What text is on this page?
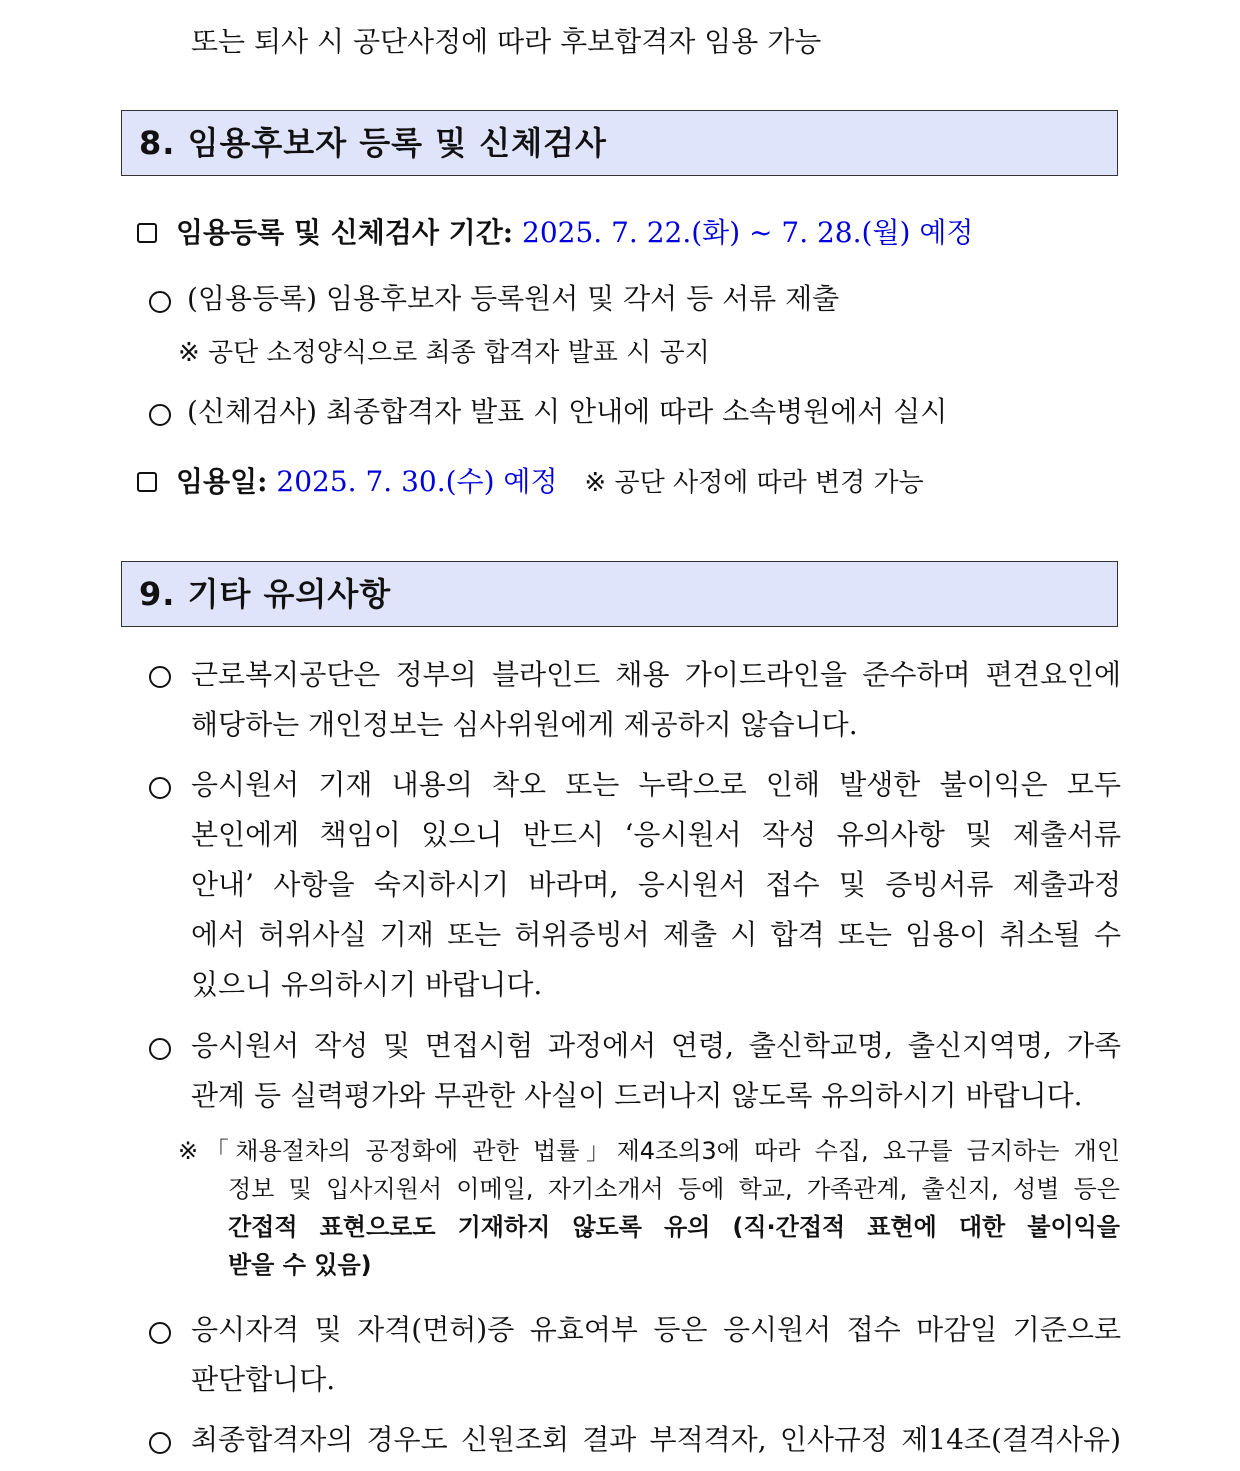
또는 퇴사 시 공단사정에 따라 후보합격자 임용 가능
8. 임용후보자 등록 및 신체검사
임용등록 및 신체검사 기간: 2025. 7. 22.(화) ~ 7. 28.(월) 예정
(임용등록) 임용후보자 등록원서 및 각서 등 서류 제출
※ 공단 소정양식으로 최종 합격자 발표 시 공지
(신체검사) 최종합격자 발표 시 안내에 따라 소속병원에서 실시
임용일: 2025. 7. 30.(수) 예정 ※ 공단 사정에 따라 변경 가능
9. 기타 유의사항
근로복지공단은 정부의 블라인드 채용 가이드라인을 준수하며 편견요인에
해당하는 개인정보는 심사위원에게 제공하지 않습니다.
응시원서 기재 내용의 착오 또는 누락으로 인해 발생한 불이익은 모두
본인에게 책임이 있으니 반드시 ‘응시원서 작성 유의사항 및 제출서류
안내’ 사항을 숙지하시기 바라며, 응시원서 접수 및 증빙서류 제출과정
에서 허위사실 기재 또는 허위증빙서 제출 시 합격 또는 임용이 취소될 수
있으니 유의하시기 바랍니다.
응시원서 작성 및 면접시험 과정에서 연령, 출신학교명, 출신지역명, 가족
관계 등 실력평가와 무관한 사실이 드러나지 않도록 유의하시기 바랍니다.
※「채용절차의 공정화에 관한 법률」제4조의3에 따라 수집, 요구를 금지하는 개인
정보 및 입사지원서 이메일, 자기소개서 등에 학교, 가족관계, 출신지, 성별 등은
간접적 표현으로도 기재하지 않도록 유의 (직·간접적 표현에 대한 불이익을
받을 수 있음)
응시자격 및 자격(면허)증 유효여부 등은 응시원서 접수 마감일 기준으로
판단합니다.
최종합격자의 경우도 신원조회 결과 부적격자, 인사규정 제14조(결격사유)
